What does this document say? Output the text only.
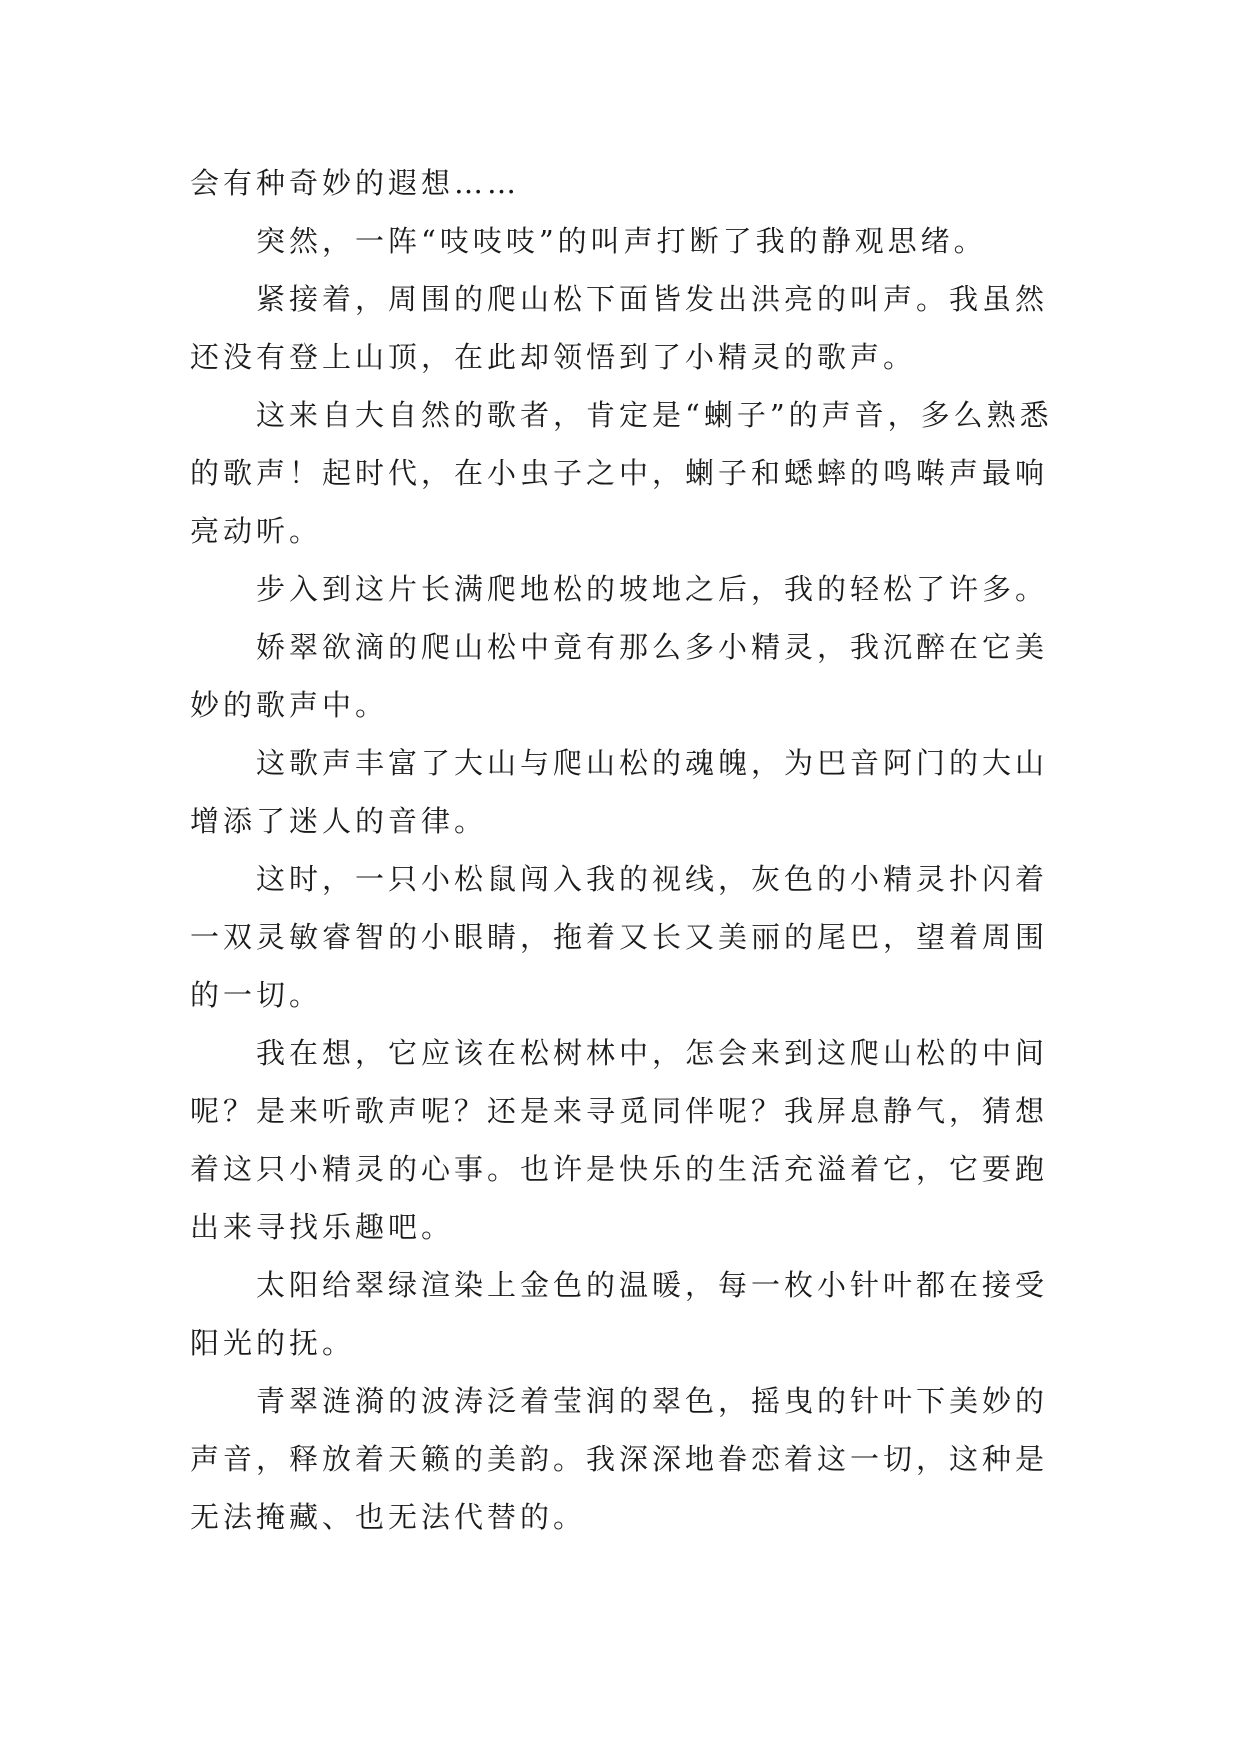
会有种奇妙的遐想……

突然，一阵“吱吱吱”的叫声打断了我的静观思绪。

紧接着，周围的爬山松下面皆发出洪亮的叫声。我虽然还没有登上山顶，在此却领悟到了小精灵的歌声。

这来自大自然的歌者，肯定是“蝲子”的声音，多么熟悉的歌声！起时代，在小虫子之中，蝲子和蟋蟀的鸣啭声最响亮动听。

步入到这片长满爬地松的坡地之后，我的轻松了许多。

娇翠欲滴的爬山松中竟有那么多小精灵，我沉醉在它美妙的歌声中。

这歌声丰富了大山与爬山松的魂魄，为巴音阿门的大山增添了迷人的音律。

这时，一只小松鼠闯入我的视线，灰色的小精灵扑闪着一双灵敏睿智的小眼睛，拖着又长又美丽的尾巴，望着周围的一切。

我在想，它应该在松树林中，怎会来到这爬山松的中间呢？是来听歌声呢？还是来寻觅同伴呢？我屏息静气，猜想着这只小精灵的心事。也许是快乐的生活充溢着它，它要跑出来寻找乐趣吧。

太阳给翠绿渲染上金色的温暖，每一枚小针叶都在接受阳光的抚。

青翠涟漪的波涛泛着莹润的翠色，摇曳的针叶下美妙的声音，释放着天籁的美韵。我深深地眷恋着这一切，这种是无法掩藏、也无法代替的。
